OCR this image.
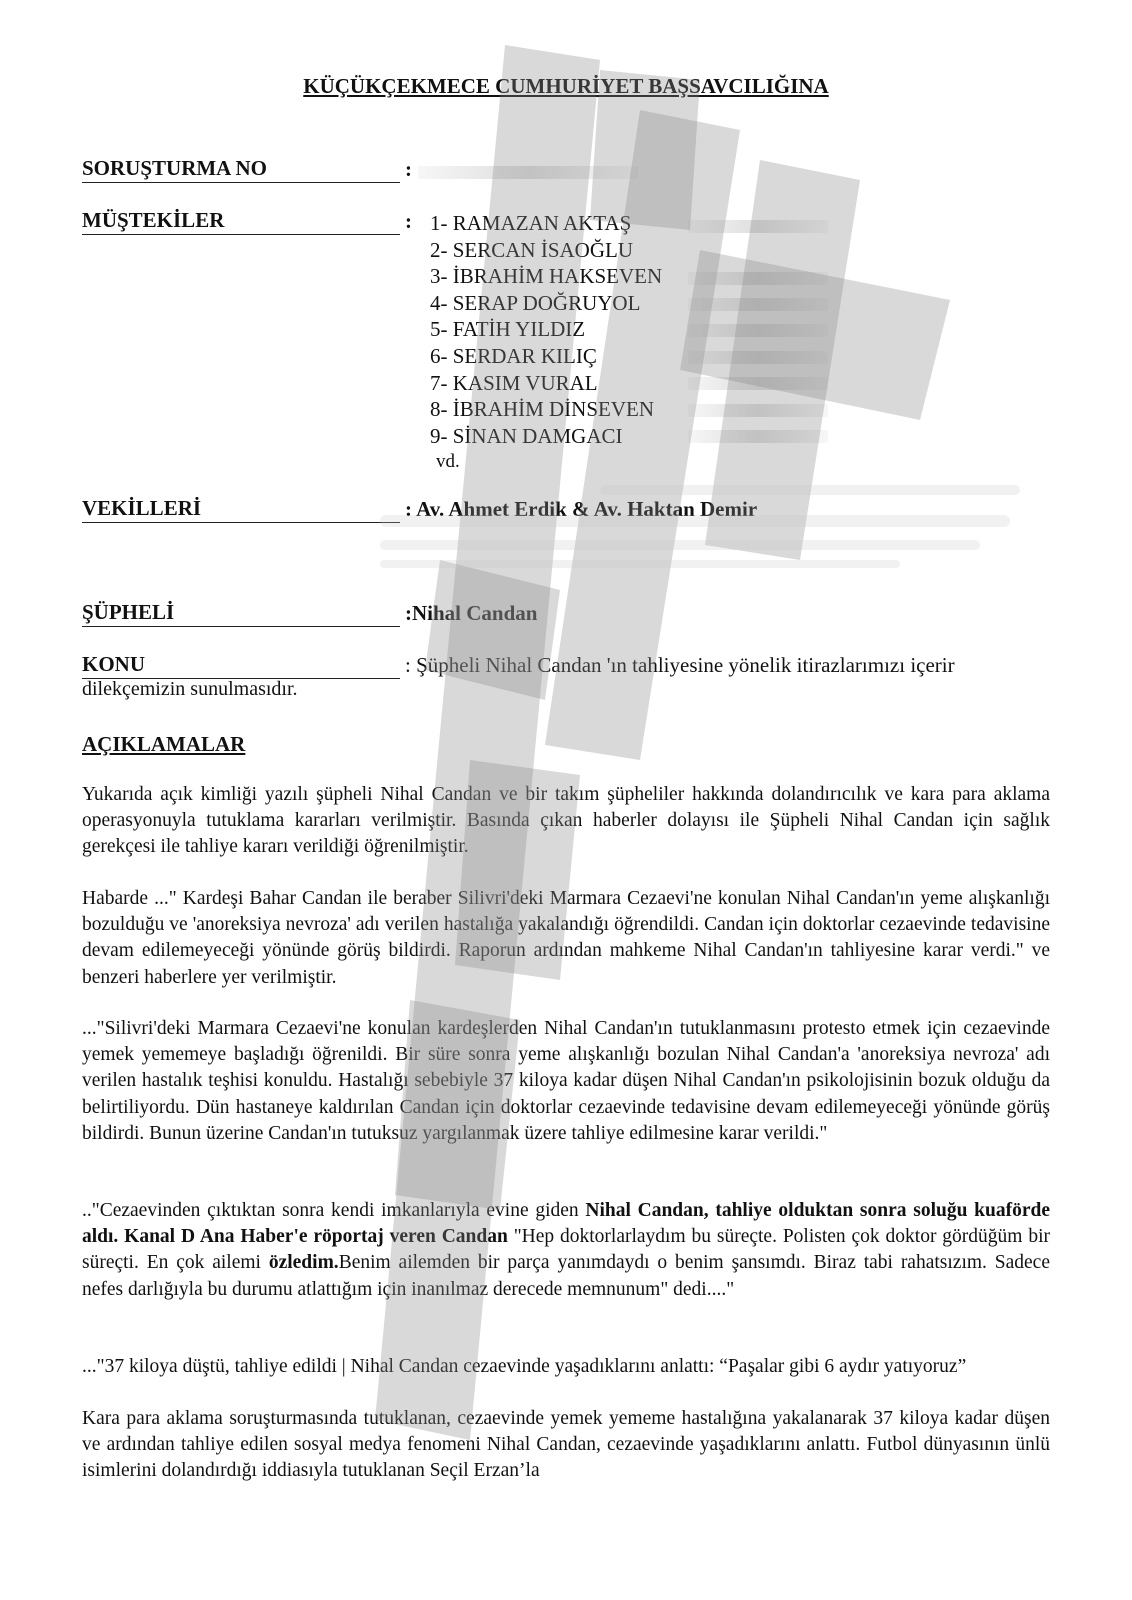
KÜÇÜKÇEKMECE CUMHURİYET BAŞSAVCILIĞINA
SORUŞTURMA NO	:
MÜŞTEKİLER	: 1- RAMAZAN AKTAŞ
2- SERCAN İSAOĞLU
3- İBRAHİM HAKSEVEN
4- SERAP DOĞRUYOL
5- FATİH YILDIZ
6- SERDAR KILIÇ
7- KASIM VURAL
8- İBRAHİM DİNSEVEN
9- SİNAN DAMGACI
vd.
VEKİLLERİ	: Av. Ahmet Erdik & Av. Haktan Demir
ŞÜPHELİ	:Nihal Candan
KONU	: Şüpheli Nihal Candan 'ın tahliyesine yönelik itirazlarımızı içerir
dilekçemizin sunulmasıdır.
AÇIKLAMALAR
Yukarıda açık kimliği yazılı şüpheli Nihal Candan ve bir takım şüpheliler hakkında dolandırıcılık ve kara para aklama operasyonuyla tutuklama kararları verilmiştir. Basında çıkan haberler dolayısı ile Şüpheli Nihal Candan için sağlık gerekçesi ile tahliye kararı verildiği öğrenilmiştir.
Habarde ..." Kardeşi Bahar Candan ile beraber Silivri'deki Marmara Cezaevi'ne konulan Nihal Candan'ın yeme alışkanlığı bozulduğu ve 'anoreksiya nevroza' adı verilen hastalığa yakalandığı öğrendildi. Candan için doktorlar cezaevinde tedavisine devam edilemeyeceği yönünde görüş bildirdi. Raporun ardından mahkeme Nihal Candan'ın tahliyesine karar verdi." ve benzeri haberlere yer verilmiştir.
..."Silivri'deki Marmara Cezaevi'ne konulan kardeşlerden Nihal Candan'ın tutuklanmasını protesto etmek için cezaevinde yemek yememeye başladığı öğrenildi. Bir süre sonra yeme alışkanlığı bozulan Nihal Candan'a 'anoreksiya nevroza' adı verilen hastalık teşhisi konuldu. Hastalığı sebebiyle 37 kiloya kadar düşen Nihal Candan'ın psikolojisinin bozuk olduğu da belirtiliyordu. Dün hastaneye kaldırılan Candan için doktorlar cezaevinde tedavisine devam edilemeyeceği yönünde görüş bildirdi. Bunun üzerine Candan'ın tutuksuz yargılanmak üzere tahliye edilmesine karar verildi."
.."Cezaevinden çıktıktan sonra kendi imkanlarıyla evine giden Nihal Candan, tahliye olduktan sonra soluğu kuaförde aldı. Kanal D Ana Haber'e röportaj veren Candan "Hep doktorlarlaydım bu süreçte. Polisten çok doktor gördüğüm bir süreçti. En çok ailemi özledim.Benim ailemden bir parça yanımdaydı o benim şansımdı. Biraz tabi rahatsızım. Sadece nefes darlığıyla bu durumu atlattığım için inanılmaz derecede memnunum" dedi...."
..."37 kiloya düştü, tahliye edildi | Nihal Candan cezaevinde yaşadıklarını anlattı: “Paşalar gibi 6 aydır yatıyoruz”
Kara para aklama soruşturmasında tutuklanan, cezaevinde yemek yememe hastalığına yakalanarak 37 kiloya kadar düşen ve ardından tahliye edilen sosyal medya fenomeni Nihal Candan, cezaevinde yaşadıklarını anlattı. Futbol dünyasının ünlü isimlerini dolandırdığı iddiasıyla tutuklanan Seçil Erzan’la
